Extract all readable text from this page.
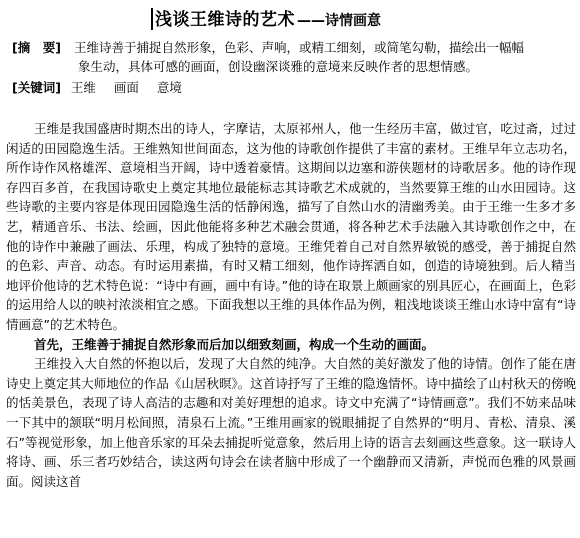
浅谈王维诗的艺术 ——诗情画意
[摘　要] 王维诗善于捕捉自然形象，色彩、声响，或精工细刻，或简笔勾勒，描绘出一幅幅
象生动，具体可感的画面，创设幽深谈雅的意境来反映作者的思想情感。
[关键词] 王维 画面 意境

王维是我国盛唐时期杰出的诗人，字摩诘，太原祁州人，他一生经历丰富，做过官，吃过斋，过过闲适的田园隐逸生活。王维熟知世间面态，这为他的诗歌创作提供了丰富的素材。王维早年立志功名，所作诗作风格雄浑、意境相当开阔，诗中透着豪情。这期间以边塞和游侠题材的诗歌居多。他的诗作现存四百多首，在我国诗歌史上奠定其地位最能标志其诗歌艺术成就的，当然要算王维的山水田园诗。这些诗歌的主要内容是体现田园隐逸生活的恬静闲逸，描写了自然山水的清幽秀美。由于王维一生多才多艺，精通音乐、书法、绘画，因此他能将多种艺术融会贯通，将各种艺术手法融入其诗歌创作之中，在他的诗作中兼融了画法、乐理，构成了独特的意境。王维凭着自己对自然界敏锐的感受，善于捕捉自然的色彩、声音、动态。有时运用素描，有时又精工细刻，他作诗挥洒自如，创造的诗境独到。后人精当地评价他诗的艺术特色说：“诗中有画，画中有诗。”他的诗在取景上颇画家的别具匠心，在画面上，色彩的运用给人以的映衬浓淡相宜之感。下面我想以王维的具体作品为例，粗浅地谈谈王维山水诗中富有“诗情画意”的艺术特色。

首先，王维善于捕捉自然形象而后加以细致刻画，构成一个生动的画面。

王维投入大自然的怀抱以后，发现了大自然的纯净。大自然的美好激发了他的诗情。创作了能在唐诗史上奠定其大师地位的作品《山居秋暝》。这首诗抒写了王维的隐逸情怀。诗中描绘了山村秋天的傍晚的恬美景色，表现了诗人高洁的志趣和对美好理想的追求。诗文中充满了“诗情画意”。我们不妨来品味一下其中的颔联“明月松间照，清泉石上流。”王维用画家的锐眼捕捉了自然界的“明月、青松、清泉、溪石”等视觉形象，加上他音乐家的耳朵去捕捉听觉意象，然后用上诗的语言去刻画这些意象。这一联诗人将诗、画、乐三者巧妙结合，读这两句诗会在读者脑中形成了一个幽静而又清新，声悦而色雅的风景画面。阅读这首
